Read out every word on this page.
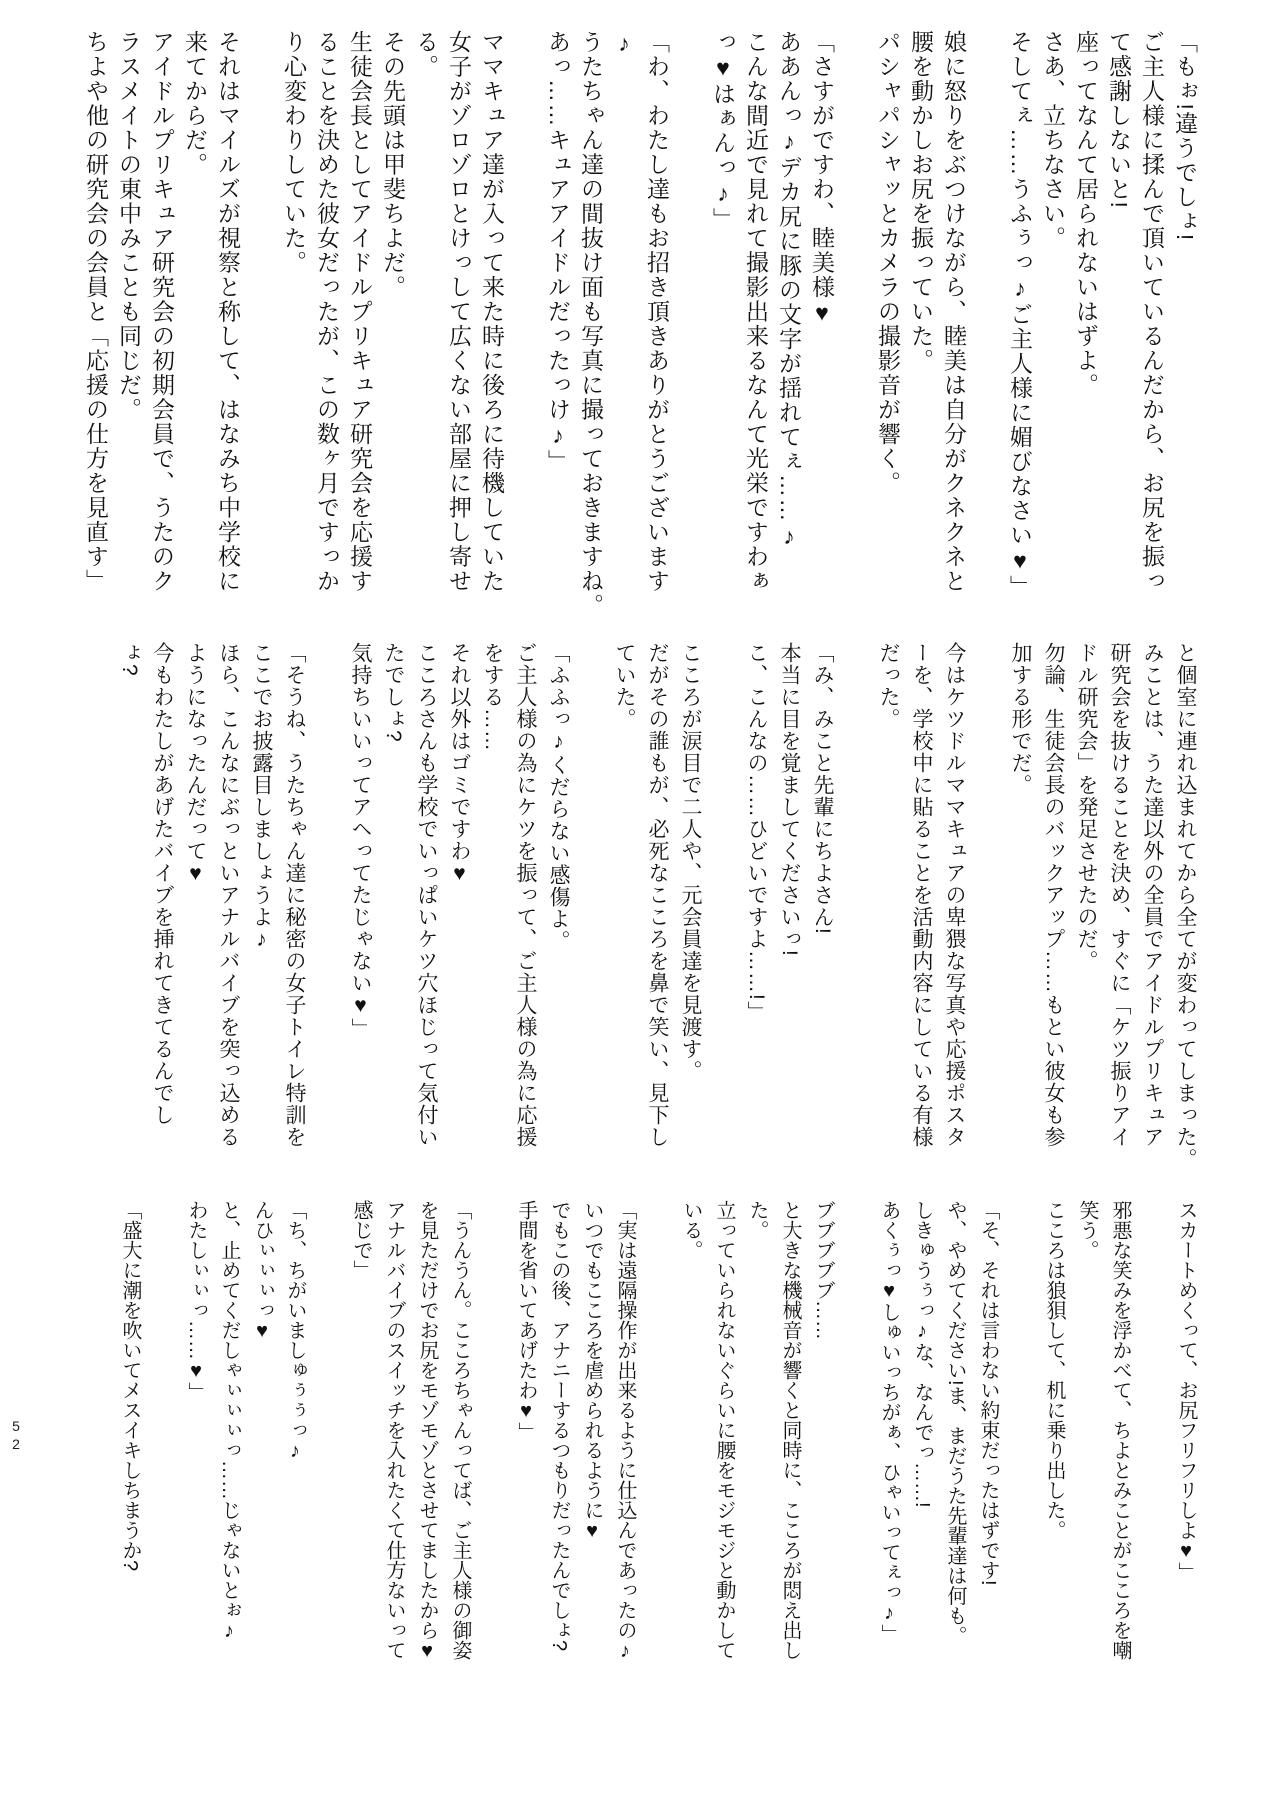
「もぉ!違うでしょ!
ご主人様に揉んで頂いているんだから、お尻を振っ
て感謝しないと!
座ってなんて居られないはずよ。
さあ、立ちなさい。
そしてぇ……うふぅっ♪ご主人様に媚びなさい♥」
娘に怒りをぶつけながら、睦美は自分がクネクネと
腰を動かしお尻を振っていた。
パシャパシャッとカメラの撮影音が響く。
「さすがですわ、睦美様♥
ああんっ♪デカ尻に豚の文字が揺れてぇ……♪
こんな間近で見れて撮影出来るなんて光栄ですわぁ
っ♥はぁんっ♪」
「わ、わたし達もお招き頂きありがとうございます
♪
うたちゃん達の間抜け面も写真に撮っておきますね。
あっ……キュアアイドルだったっけ♪」
ママキュア達が入って来た時に後ろに待機していた
女子がゾロゾロとけっして広くない部屋に押し寄せ
る。
その先頭は甲斐ちよだ。
生徒会長としてアイドルプリキュア研究会を応援す
ることを決めた彼女だったが、この数ヶ月ですっか
り心変わりしていた。
それはマイルズが視察と称して、はなみち中学校に
来てからだ。
アイドルプリキュア研究会の初期会員で、うたのク
ラスメイトの東中みことも同じだ。
ちよや他の研究会の会員と「応援の仕方を見直す」
と個室に連れ込まれてから全てが変わってしまった。
みことは、うた達以外の全員でアイドルプリキュア
研究会を抜けることを決め、すぐに「ケツ振りアイ
ドル研究会」を発足させたのだ。
勿論、生徒会長のバックアップ……もとい彼女も参
加する形でだ。
今はケツドルママキュアの卑猥な写真や応援ポスタ
ーを、学校中に貼ることを活動内容にしている有様
だった。
「み、みこと先輩にちよさん!
本当に目を覚ましてくださいっ!
こ、こんなの……ひどいですよ……!」
こころが涙目で二人や、元会員達を見渡す。
だがその誰もが、必死なこころを鼻で笑い、見下し
ていた。
「ふふっ♪くだらない感傷よ。
ご主人様の為にケツを振って、ご主人様の為に応援
をする……
それ以外はゴミですわ♥
こころさんも学校でいっぱいケツ穴ほじって気付い
たでしょ?
気持ちいいってアヘってたじゃない♥」
「そうね、うたちゃん達に秘密の女子トイレ特訓を
ここでお披露目しましょうよ♪
ほら、こんなにぶっといアナルバイブを突っ込める
ようになったんだって♥
今もわたしがあげたバイブを挿れてきてるんでし
ょ?
スカートめくって、お尻フリフリしよ♥」
邪悪な笑みを浮かべて、ちよとみことがこころを嘲
笑う。
こころは狼狽して、机に乗り出した。
「そ、それは言わない約束だったはずです!
や、やめてください!ま、まだうた先輩達は何も。
しきゅうぅっ♪な、なんでっ……!
あくぅっ♥しゅいっちがぁ、ひゃいってぇっ♪」
ブブブブブ……
と大きな機械音が響くと同時に、こころが悶え出し
た。
立っていられないぐらいに腰をモジモジと動かして
いる。
「実は遠隔操作が出来るように仕込んであったの♪
いつでもこころを虐められるように♥
でもこの後、アナニーするつもりだったんでしょ?
手間を省いてあげたわ♥」
「うんうん。こころちゃんってば、ご主人様の御姿
を見ただけでお尻をモゾモゾとさせてましたから♥
アナルバイブのスイッチを入れたくて仕方ないって
感じで」
「ち、ちがいましゅぅぅっ♪
んひぃぃぃっ♥
と、止めてくだしゃぃぃぃっ……じゃないとぉ♪
わたしぃぃっ……♥」
「盛大に潮を吹いてメスイキしちまうか?
52
